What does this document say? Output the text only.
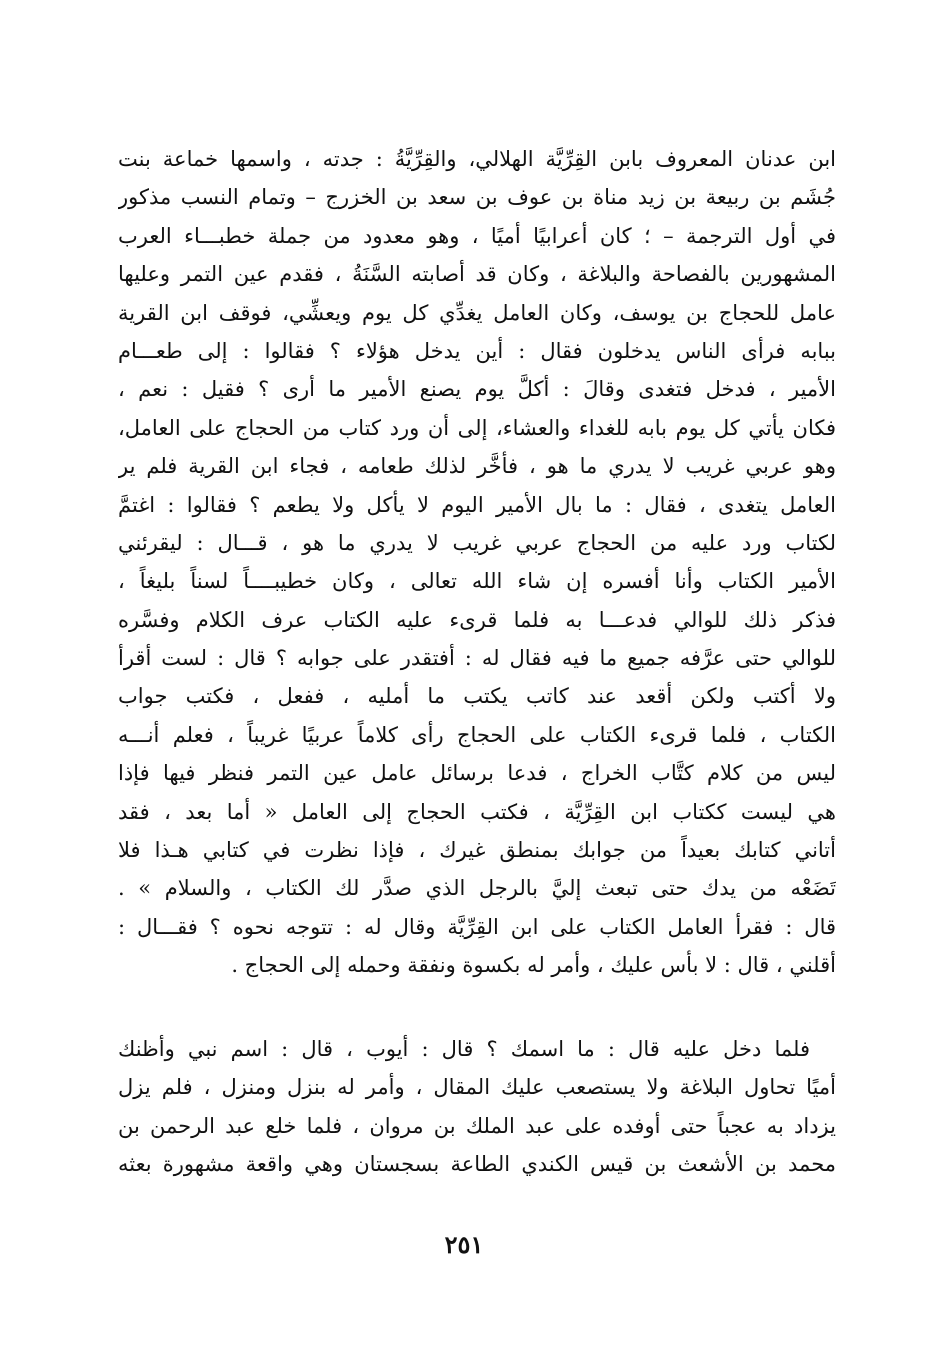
ابن عدنان المعروف بابن القِرِّيَّة الهلالي، والقِرِّيَّةُ : جدته ، واسمها خماعة بنت
جُشَم بن ربيعة بن زيد مناة بن عوف بن سعد بن الخزرج – وتمام النسب مذكور
في أول الترجمة – ؛ كان أعرابيًا أميًا ، وهو معدود من جملة خطبـــاء العرب
المشهورين بالفصاحة والبلاغة ، وكان قد أصابته السَّنَةُ ، فقدم عين التمر وعليها
عامل للحجاج بن يوسف، وكان العامل يغدِّي كل يوم ويعشِّي، فوقف ابن القرية
ببابه فرأى الناس يدخلون فقال : أين يدخل هؤلاء ؟ فقالوا : إلى طعـــام
الأمير ، فدخل فتغدى وقالَ : أكلَّ يوم يصنع الأمير ما أرى ؟ فقيل : نعم ،
فكان يأتي كل يوم بابه للغداء والعشاء، إلى أن ورد كتاب من الحجاج على العامل،
وهو عربي غريب لا يدري ما هو ، فأخَّر لذلك طعامه ، فجاء ابن القرية فلم ير
العامل يتغدى ، فقال : ما بال الأمير اليوم لا يأكل ولا يطعم ؟ فقالوا : اغتمَّ
لكتاب ورد عليه من الحجاج عربي غريب لا يدري ما هو ، قـــال : ليقرئني
الأمير الكتاب وأنا أفسره إن شاء الله تعالى ، وكان خطيبــــاً لسناً بليغاً ،
فذكر ذلك للوالي فدعـــا به فلما قرىء عليه الكتاب عرف الكلام وفسَّره
للوالي حتى عرَّفه جميع ما فيه فقال له : أفتقدر على جوابه ؟ قال : لست أقرأ
ولا أكتب ولكن أقعد عند كاتب يكتب ما أمليه ، ففعل ، فكتب جواب
الكتاب ، فلما قرىء الكتاب على الحجاج رأى كلاماً عربيًا غريباً ، فعلم أنـــه
ليس من كلام كتَّاب الخراج ، فدعا برسائل عامل عين التمر فنظر فيها فإذا
هي ليست ككتاب ابن القِرِّيَّة ، فكتب الحجاج إلى العامل « أما بعد ، فقد
أتاني كتابك بعيداً من جوابك بمنطق غيرك ، فإذا نظرت في كتابي هـذا فلا
تَضَعْه من يدك حتى تبعث إليَّ بالرجل الذي صدَّر لك الكتاب ، والسلام » .
قال : فقرأ العامل الكتاب على ابن القِرِّيَّة وقال له : تتوجه نحوه ؟ فقـــال :
أقلني ، قال : لا بأس عليك ، وأمر له بكسوة ونفقة وحمله إلى الحجاج .
فلما دخل عليه قال : ما اسمك ؟ قال : أيوب ، قال : اسم نبي وأظنك
أميًا تحاول البلاغة ولا يستصعب عليك المقال ، وأمر له بنزل ومنزل ، فلم يزل
يزداد به عجباً حتى أوفده على عبد الملك بن مروان ، فلما خلع عبد الرحمن بن
محمد بن الأشعث بن قيس الكندي الطاعة بسجستان وهي واقعة مشهورة بعثه
٢٥١
